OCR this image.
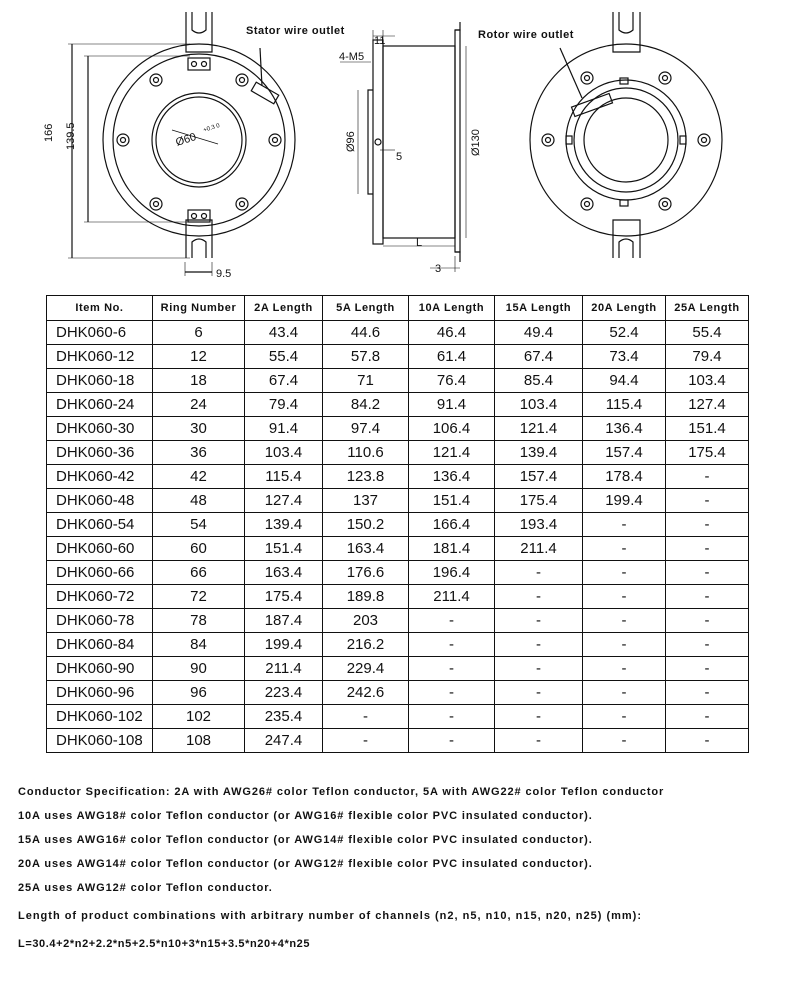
Stator wire outlet	Rotor wire outlet
166 139.5	Ø60
+0.3 0
9.5
11
4-M5
Ø96
5
Ø130
L
3
Item No.	Ring Number	2A Length	5A Length	10A Length	15A Length	20A Length	25A Length
DHK060-6	6	43.4	44.6	46.4	49.4	52.4	55.4
DHK060-12	12	55.4	57.8	61.4	67.4	73.4	79.4
DHK060-18	18	67.4	71	76.4	85.4	94.4	103.4
DHK060-24	24	79.4	84.2	91.4	103.4	115.4	127.4
DHK060-30	30	91.4	97.4	106.4	121.4	136.4	151.4
DHK060-36	36	103.4	110.6	121.4	139.4	157.4	175.4
DHK060-42	42	115.4	123.8	136.4	157.4	178.4	-
DHK060-48	48	127.4	137	151.4	175.4	199.4	-
DHK060-54	54	139.4	150.2	166.4	193.4	-	-
DHK060-60	60	151.4	163.4	181.4	211.4	-	-
DHK060-66	66	163.4	176.6	196.4	-	-	-
DHK060-72	72	175.4	189.8	211.4	-	-	-
DHK060-78	78	187.4	203	-	-	-	-
DHK060-84	84	199.4	216.2	-	-	-	-
DHK060-90	90	211.4	229.4	-	-	-	-
DHK060-96	96	223.4	242.6	-	-	-	-
DHK060-102	102	235.4	-	-	-	-	-
DHK060-108	108	247.4	-	-	-	-	-
Conductor Specification: 2A with AWG26# color Teflon conductor, 5A with AWG22# color Teflon conductor
10A uses AWG18# color Teflon conductor (or AWG16# flexible color PVC insulated conductor).
15A uses AWG16# color Teflon conductor (or AWG14# flexible color PVC insulated conductor).
20A uses AWG14# color Teflon conductor (or AWG12# flexible color PVC insulated conductor).
25A uses AWG12# color Teflon conductor.
Length of product combinations with arbitrary number of channels (n2, n5, n10, n15, n20, n25) (mm):
L=30.4+2*n2+2.2*n5+2.5*n10+3*n15+3.5*n20+4*n25
